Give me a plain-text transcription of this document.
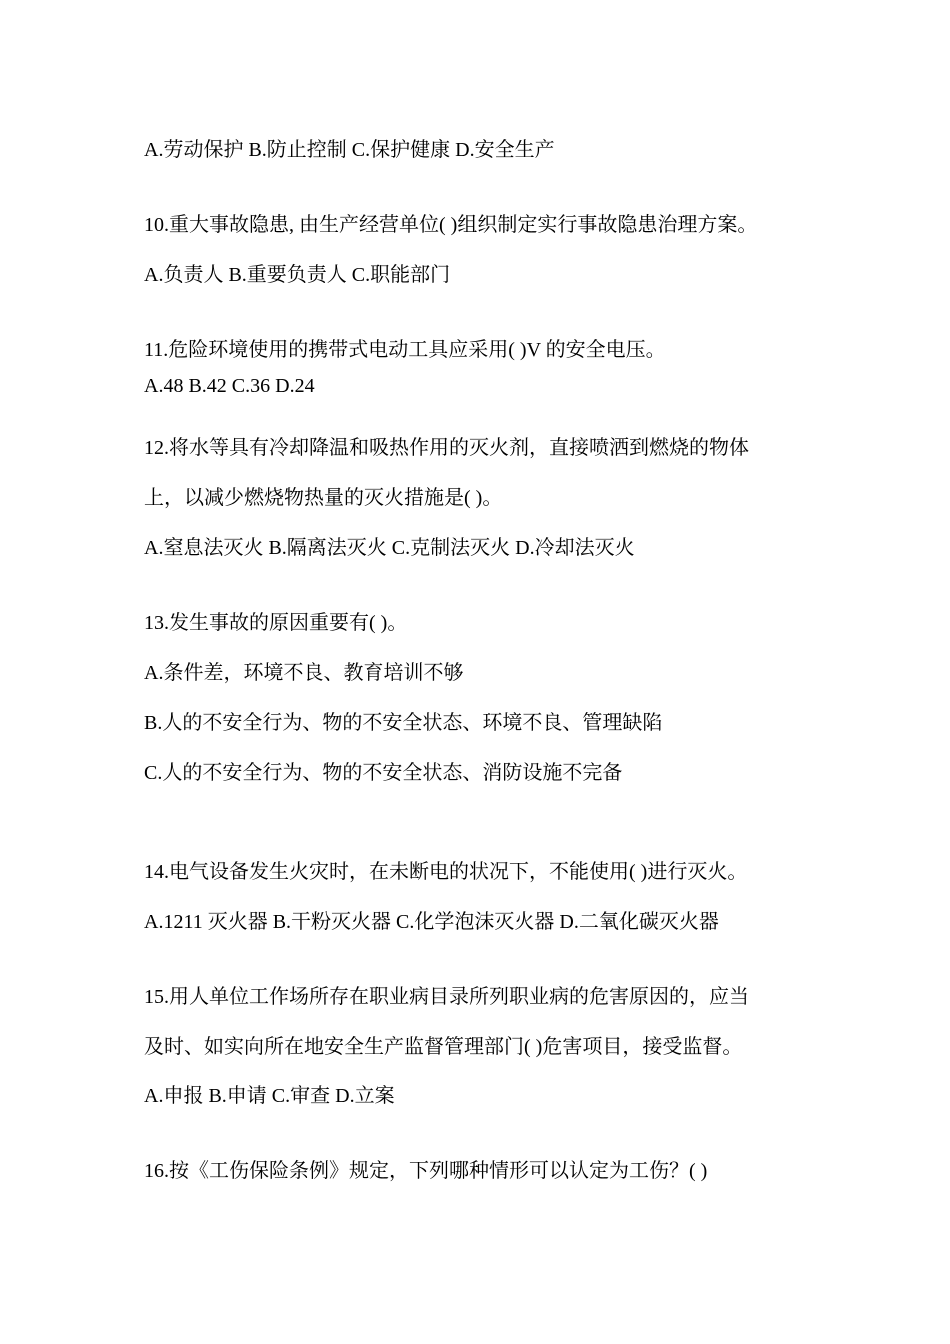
A.劳动保护 B.防止控制 C.保护健康 D.安全生产
10.重大事故隐患, 由生产经营单位( )组织制定实行事故隐患治理方案。
A.负责人 B.重要负责人 C.职能部门
11.危险环境使用的携带式电动工具应采用( )V 的安全电压。
A.48 B.42 C.36 D.24
12.将水等具有冷却降温和吸热作用的灭火剂，直接喷洒到燃烧的物体
上，以减少燃烧物热量的灭火措施是( )。
A.窒息法灭火 B.隔离法灭火 C.克制法灭火 D.冷却法灭火
13.发生事故的原因重要有( )。
A.条件差，环境不良、教育培训不够
B.人的不安全行为、物的不安全状态、环境不良、管理缺陷
C.人的不安全行为、物的不安全状态、消防设施不完备
14.电气设备发生火灾时，在未断电的状况下，不能使用( )进行灭火。
A.1211 灭火器 B.干粉灭火器 C.化学泡沫灭火器 D.二氧化碳灭火器
15.用人单位工作场所存在职业病目录所列职业病的危害原因的，应当
及时、如实向所在地安全生产监督管理部门( )危害项目，接受监督。
A.申报 B.申请 C.审查 D.立案
16.按《工伤保险条例》规定，下列哪种情形可以认定为工伤？( )
